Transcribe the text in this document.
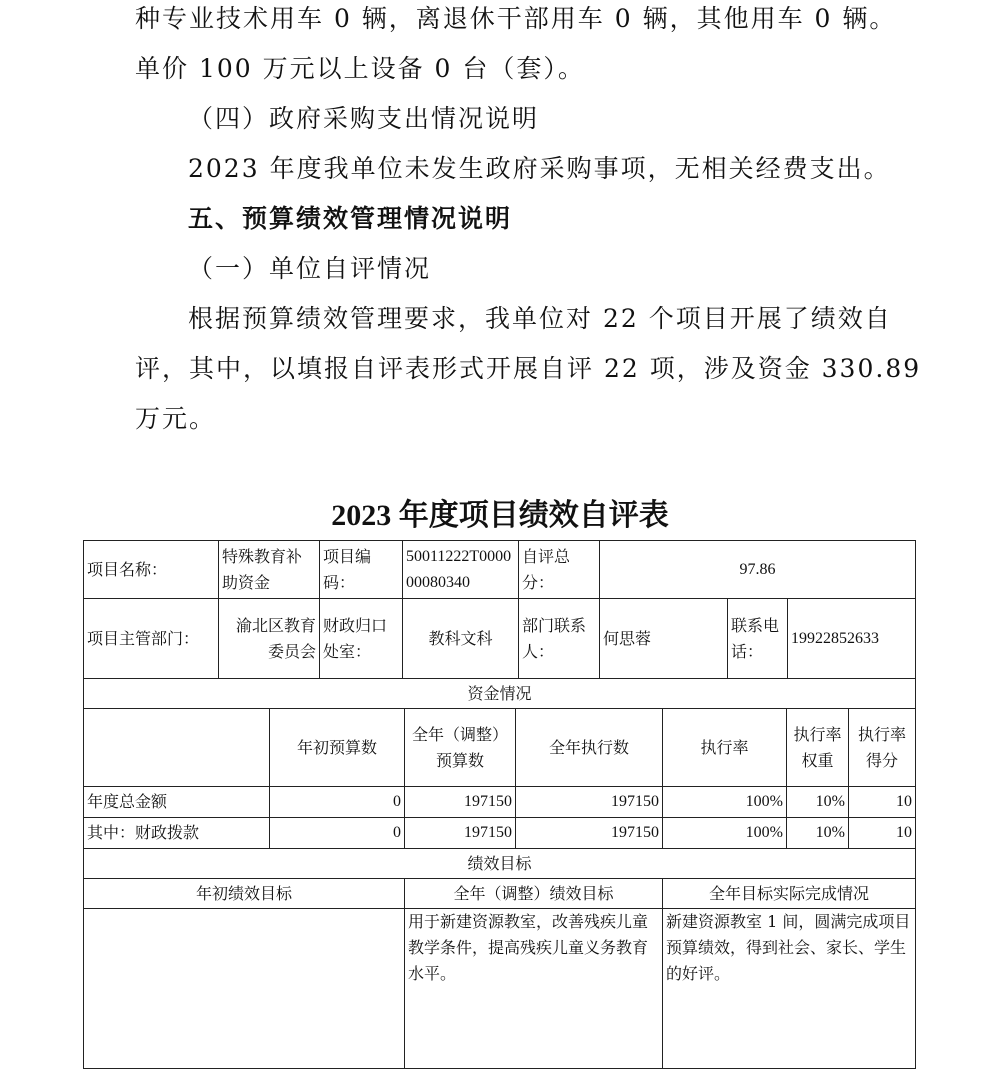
种专业技术用车 0 辆，离退休干部用车 0 辆，其他用车 0 辆。

单价 100 万元以上设备 0 台（套）。

（四）政府采购支出情况说明

2023 年度我单位未发生政府采购事项，无相关经费支出。

五、预算绩效管理情况说明

（一）单位自评情况

根据预算绩效管理要求，我单位对 22 个项目开展了绩效自

评，其中，以填报自评表形式开展自评 22 项，涉及资金 330.89

万元。

2023 年度项目绩效自评表
项目名称：	特殊教育补助资金	项目编码：	50011222T000000080340	自评总分：	97.86		
项目主管部门：	渝北区教育委员会	财政归口处室：	教科文科	部门联系人：	何思蓉	联系电话：	19922852633
资金情况						
	年初预算数	全年（调整）预算数	全年执行数	执行率	执行率权重	执行率得分
年度总金额	0	197150	197150	100%	10%	10
其中：财政拨款	0	197150	197150	100%	10%	10
绩效目标		
年初绩效目标	全年（调整）绩效目标	全年目标实际完成情况
	用于新建资源教室，改善残疾儿童教学条件，提高残疾儿童义务教育水平。	新建资源教室 1 间，圆满完成项目预算绩效，得到社会、家长、学生的好评。
